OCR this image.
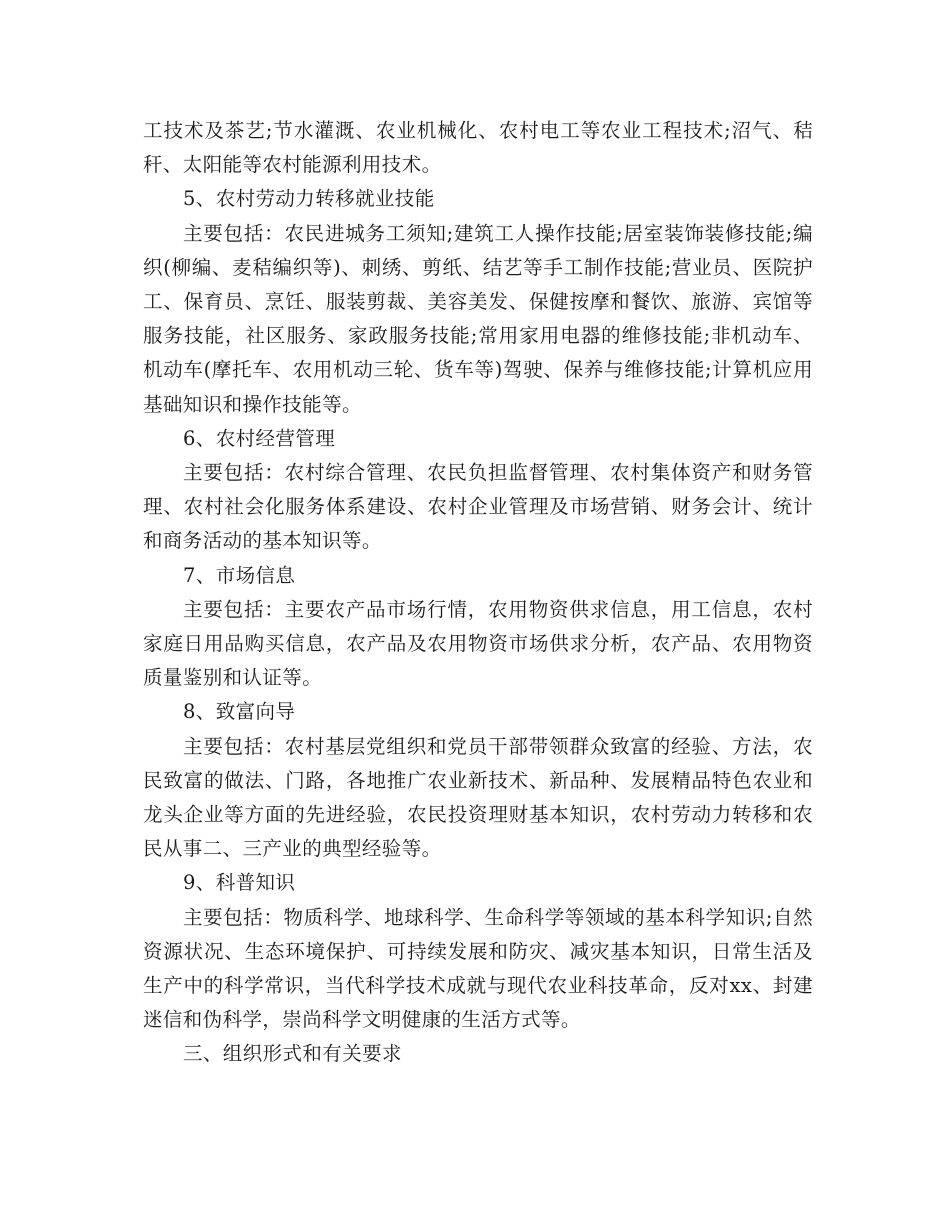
工技术及茶艺;节水灌溉、农业机械化、农村电工等农业工程技术;沼气、秸秆、太阳能等农村能源利用技术。

5、农村劳动力转移就业技能

主要包括：农民进城务工须知;建筑工人操作技能;居室装饰装修技能;编织(柳编、麦秸编织等)、刺绣、剪纸、结艺等手工制作技能;营业员、医院护工、保育员、烹饪、服装剪裁、美容美发、保健按摩和餐饮、旅游、宾馆等服务技能，社区服务、家政服务技能;常用家用电器的维修技能;非机动车、机动车(摩托车、农用机动三轮、货车等)驾驶、保养与维修技能;计算机应用基础知识和操作技能等。

6、农村经营管理

主要包括：农村综合管理、农民负担监督管理、农村集体资产和财务管理、农村社会化服务体系建设、农村企业管理及市场营销、财务会计、统计和商务活动的基本知识等。

7、市场信息

主要包括：主要农产品市场行情，农用物资供求信息，用工信息，农村家庭日用品购买信息，农产品及农用物资市场供求分析，农产品、农用物资质量鉴别和认证等。

8、致富向导

主要包括：农村基层党组织和党员干部带领群众致富的经验、方法，农民致富的做法、门路，各地推广农业新技术、新品种、发展精品特色农业和龙头企业等方面的先进经验，农民投资理财基本知识，农村劳动力转移和农民从事二、三产业的典型经验等。

9、科普知识

主要包括：物质科学、地球科学、生命科学等领域的基本科学知识;自然资源状况、生态环境保护、可持续发展和防灾、减灾基本知识，日常生活及生产中的科学常识，当代科学技术成就与现代农业科技革命，反对xx、封建迷信和伪科学，崇尚科学文明健康的生活方式等。

三、组织形式和有关要求
